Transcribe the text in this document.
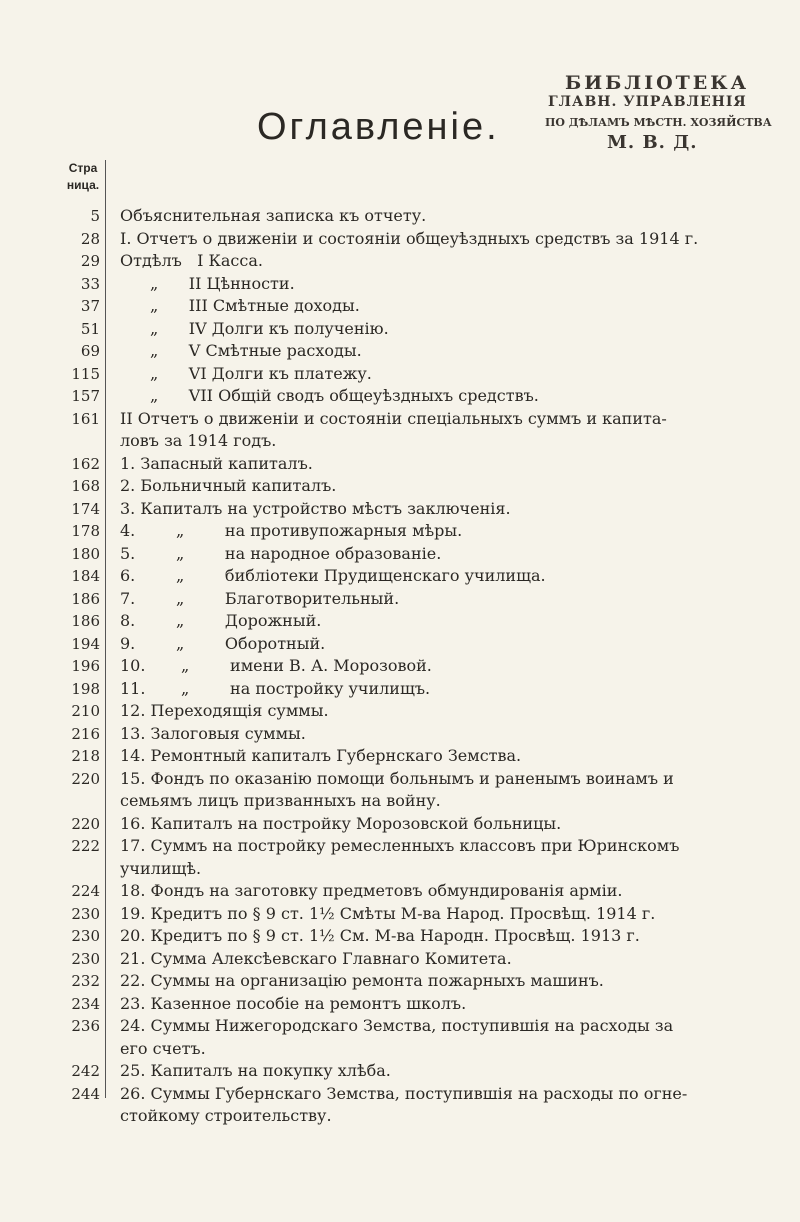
БИБЛІОТЕКА
ГЛАВН. УПРАВЛЕНІЯ
ПО ДѢЛАМЪ МѢСТН. ХОЗЯЙСТВА
М. В. Д.
Оглавленіе.
Стра ница.
5 Объяснительная записка къ отчету.
28 I. Отчетъ о движеніи и состояніи общеуѣздныхъ средствъ за 1914 г.
29 Отдѣлъ   I Касса.
33	„      II Цѣнности.
37	„      III Смѣтные доходы.
51	„      IV Долги къ полученію.
69	„      V Смѣтные расходы.
115	„      VI Долги къ платежу.
157	„      VII Общій сводъ общеуѣздныхъ средствъ.
161 II Отчетъ о движеніи и состояніи спеціальныхъ суммъ и капита-
ловъ за 1914 годъ.
162 1. Запасный капиталъ.
168 2. Больничный капиталъ.
174 3. Капиталъ на устройство мѣстъ заключенія.
178 4.        „        на противупожарныя мѣры.
180 5.        „        на народное образованіе.
184 6.        „        библіотеки Прудищенскаго училища.
186 7.        „        Благотворительный.
186 8.        „        Дорожный.
194 9.        „        Оборотный.
196 10.       „        имени В. А. Морозовой.
198 11.       „        на постройку училищъ.
210 12. Переходящія суммы.
216 13. Залоговыя суммы.
218 14. Ремонтный капиталъ Губернскаго Земства.
220 15. Фондъ по оказанію помощи больнымъ и раненымъ воинамъ и
семьямъ лицъ призванныхъ на войну.
220 16. Капиталъ на постройку Морозовской больницы.
222 17. Суммъ на постройку ремесленныхъ классовъ при Юринскомъ
училищѣ.
224 18. Фондъ на заготовку предметовъ обмундированія арміи.
230 19. Кредитъ по § 9 ст. 1½ Смѣты М-ва Народ. Просвѣщ. 1914 г.
230 20. Кредитъ по § 9 ст. 1½ См. М-ва Народн. Просвѣщ. 1913 г.
230 21. Сумма Алексѣевскаго Главнаго Комитета.
232 22. Суммы на организацію ремонта пожарныхъ машинъ.
234 23. Казенное пособіе на ремонтъ школъ.
236 24. Суммы Нижегородскаго Земства, поступившія на расходы за
его счетъ.
242 25. Капиталъ на покупку хлѣба.
244 26. Суммы Губернскаго Земства, поступившія на расходы по огне-
стойкому строительству.
